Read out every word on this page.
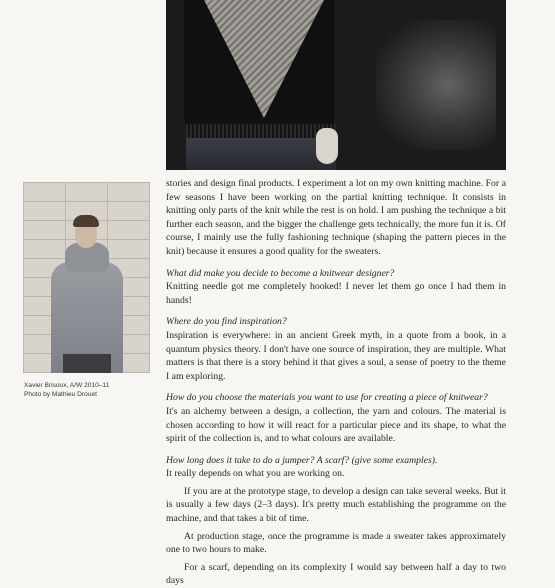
Xavier Brisoux, A/W 2010–11
Photo by Mathieu Drouet

stories and design final products. I experiment a lot on my own knitting machine. For a few seasons I have been working on the partial knitting technique. It consists in knitting only parts of the knit while the rest is on hold. I am pushing the technique a bit further each season, and the bigger the challenge gets technically, the more fun it is. Of course, I mainly use the fully fashioning technique (shaping the pattern pieces in the knit) because it ensures a good quality for the sweaters.

What did make you decide to become a knitwear designer?

Knitting needle got me completely hooked! I never let them go once I had them in hands!

Where do you find inspiration?

Inspiration is everywhere: in an ancient Greek myth, in a quote from a book, in a quantum physics theory. I don't have one source of inspiration, they are multiple. What matters is that there is a story behind it that gives a soul, a sense of poetry to the theme I am exploring.

How do you choose the materials you want to use for creating a piece of knitwear?

It's an alchemy between a design, a collection, the yarn and colours. The material is chosen according to how it will react for a particular piece and its shape, to what the spirit of the collection is, and to what colours are available.

How long does it take to do a jumper? A scarf? (give some examples).

It really depends on what you are working on.

If you are at the prototype stage, to develop a design can take several weeks. But it is usually a few days (2–3 days). It's pretty much establishing the programme on the machine, and that takes a bit of time.

At production stage, once the programme is made a sweater takes approximately one to two hours to make.

For a scarf, depending on its complexity I would say between half a day to two days
